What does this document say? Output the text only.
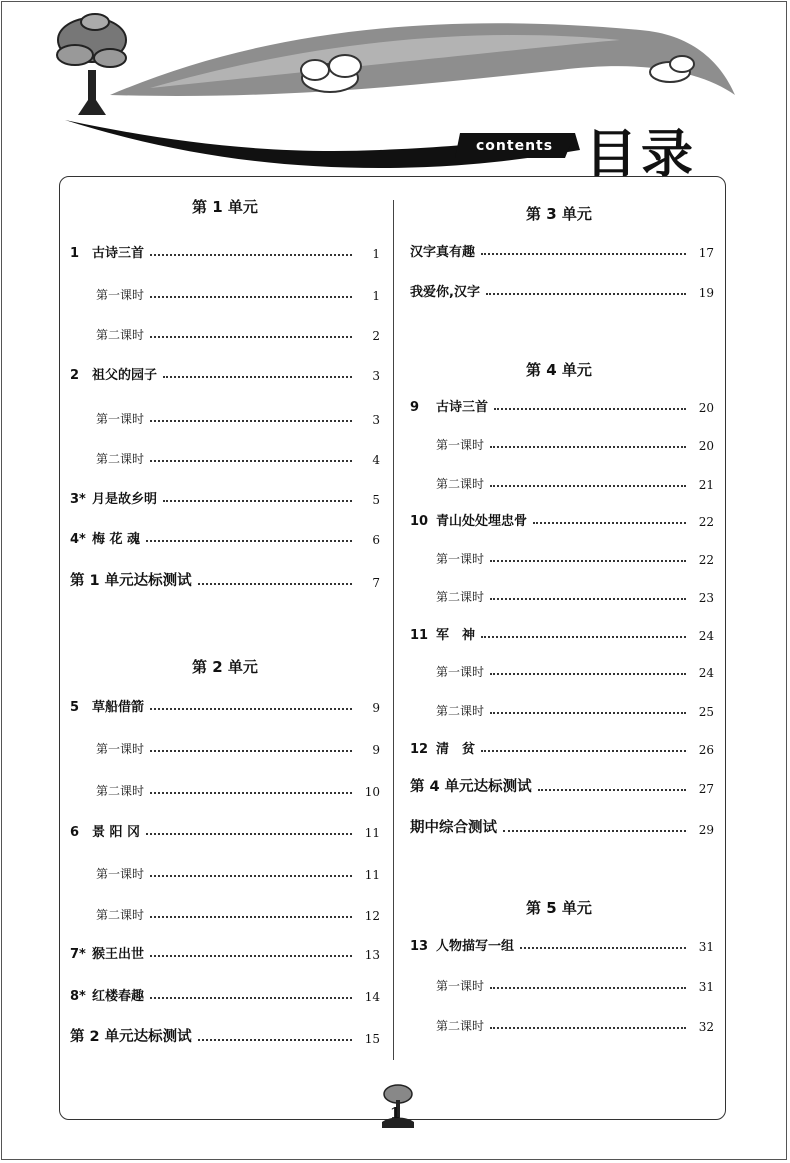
contents 目录
第 1 单元
第 2 单元
第 3 单元
第 4 单元
第 5 单元
1 古诗三首	1
第一课时	1
第二课时	2
2 祖父的园子	3
第一课时	3
第二课时	4
3* 月是故乡明	5
4* 梅 花 魂	6
第 1 单元达标测试	7
5 草船借箭	9
第一课时	9
第二课时	10
6 景 阳 冈	11
第一课时	11
第二课时	12
7* 猴王出世	13
8* 红楼春趣	14
第 2 单元达标测试	15
汉字真有趣	17
我爱你,汉字	19
9	古诗三首	20
第一课时	20
第二课时	21
10 青山处处埋忠骨	22
第一课时	22
第二课时	23
11 军　神	24
第一课时	24
第二课时	25
12 清　贫	26
第 4 单元达标测试	27
期中综合测试	29
13 人物描写一组	31
第一课时	31
第二课时	32
1
